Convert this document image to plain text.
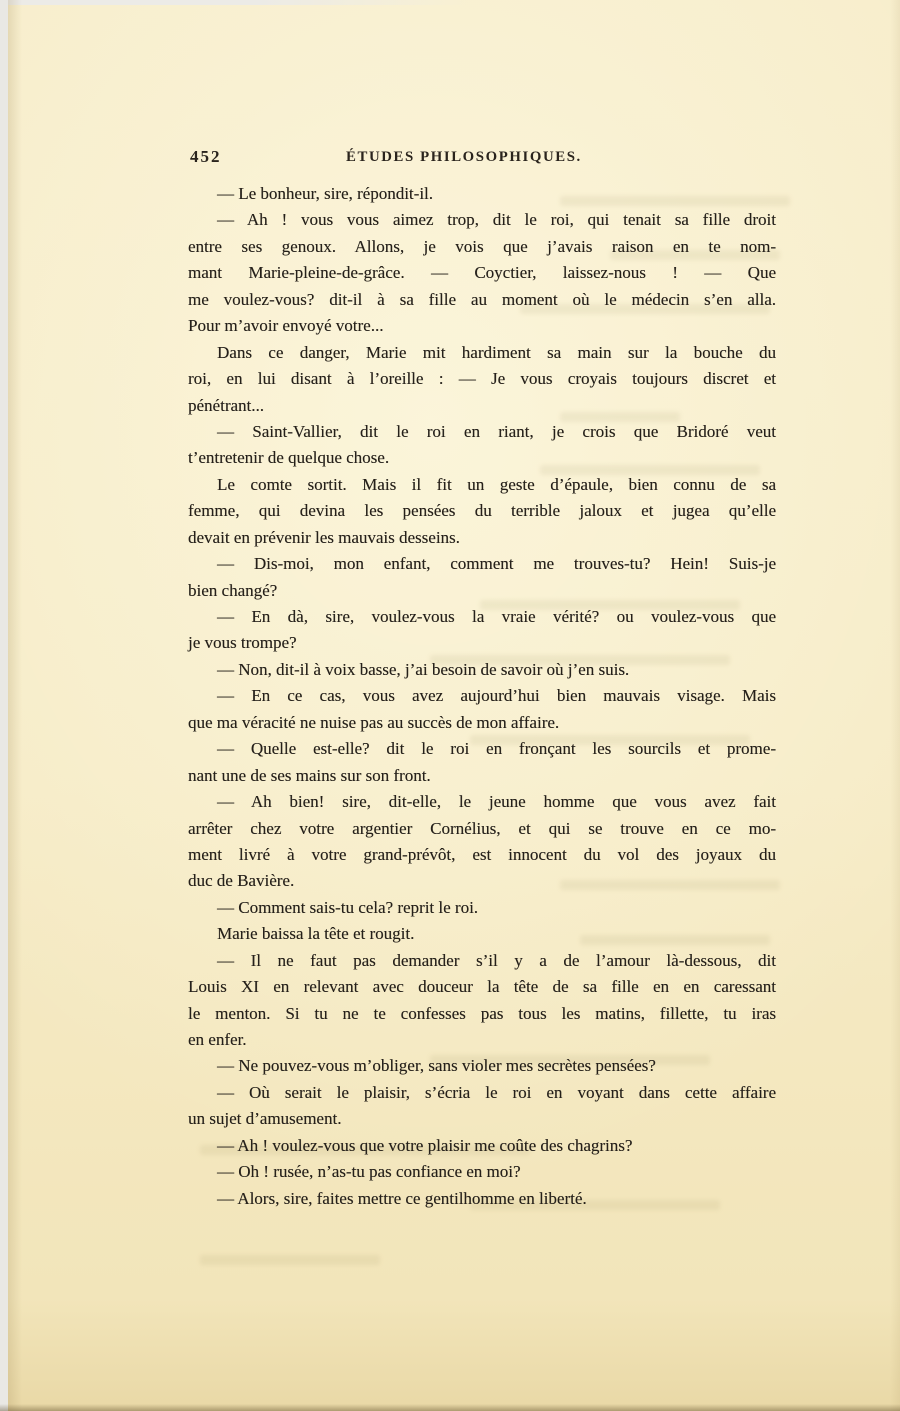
452	ÉTUDES PHILOSOPHIQUES.
— Le bonheur, sire, répondit-il.
— Ah ! vous vous aimez trop, dit le roi, qui tenait sa fille droit
entre ses genoux. Allons, je vois que j’avais raison en te nom-
mant Marie-pleine-de-grâce. — Coyctier, laissez-nous ! — Que
me voulez-vous? dit-il à sa fille au moment où le médecin s’en alla.
Pour m’avoir envoyé votre...
Dans ce danger, Marie mit hardiment sa main sur la bouche du
roi, en lui disant à l’oreille : — Je vous croyais toujours discret et
pénétrant...
— Saint-Vallier, dit le roi en riant, je crois que Bridoré veut
t’entretenir de quelque chose.
Le comte sortit. Mais il fit un geste d’épaule, bien connu de sa
femme, qui devina les pensées du terrible jaloux et jugea qu’elle
devait en prévenir les mauvais desseins.
— Dis-moi, mon enfant, comment me trouves-tu? Hein! Suis-je
bien changé?
— En dà, sire, voulez-vous la vraie vérité? ou voulez-vous que
je vous trompe?
— Non, dit-il à voix basse, j’ai besoin de savoir où j’en suis.
— En ce cas, vous avez aujourd’hui bien mauvais visage. Mais
que ma véracité ne nuise pas au succès de mon affaire.
— Quelle est-elle? dit le roi en fronçant les sourcils et prome-
nant une de ses mains sur son front.
— Ah bien! sire, dit-elle, le jeune homme que vous avez fait
arrêter chez votre argentier Cornélius, et qui se trouve en ce mo-
ment livré à votre grand-prévôt, est innocent du vol des joyaux du
duc de Bavière.
— Comment sais-tu cela? reprit le roi.
Marie baissa la tête et rougit.
— Il ne faut pas demander s’il y a de l’amour là-dessous, dit
Louis XI en relevant avec douceur la tête de sa fille en en caressant
le menton. Si tu ne te confesses pas tous les matins, fillette, tu iras
en enfer.
— Ne pouvez-vous m’obliger, sans violer mes secrètes pensées?
— Où serait le plaisir, s’écria le roi en voyant dans cette affaire
un sujet d’amusement.
— Ah ! voulez-vous que votre plaisir me coûte des chagrins?
— Oh ! rusée, n’as-tu pas confiance en moi?
— Alors, sire, faites mettre ce gentilhomme en liberté.
